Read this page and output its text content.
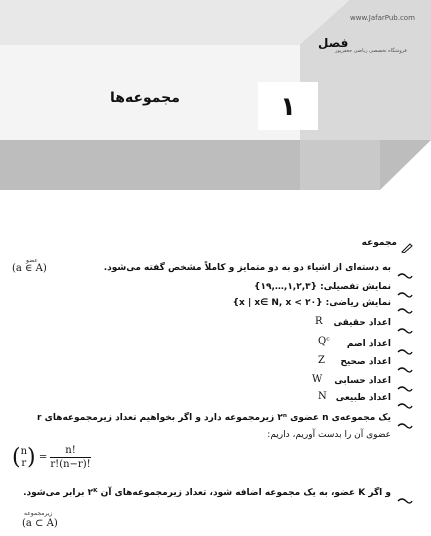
www.JafarPub.com
فروشگاه تخصصی ریاضی جعفرپور
فصل
۱
مجموعه‌ها
مجموعه
به دسته‌ای از اشیاء دو به دو متمایز و کاملاً مشخص گفته می‌شود.
عضو
(a ∈ A)
نمایش تفصیلی: {۱,۲,۳,…,۱۹}
نمایش ریاضی: {x | x∈ N, x < ۲۰}
اعداد حقیقی
R
اعداد اصم
Qᶜ
اعداد صحیح
Z
اعداد حسابی
W
اعداد طبیعی
N
یک مجموعه‌ی n عضوی ۲ⁿ زیرمجموعه دارد و اگر بخواهیم تعداد زیرمجموعه‌های r
عضوی آن را بدست آوریم، داریم:
( n
r ) = $\frac{n!}{r!(n-r)!}$
و اگر K عضو، به یک مجموعه اضافه شود، تعداد زیرمجموعه‌های آن ۲ᴷ برابر می‌شود.
زیرمجموعه
(a ⊂ A)
